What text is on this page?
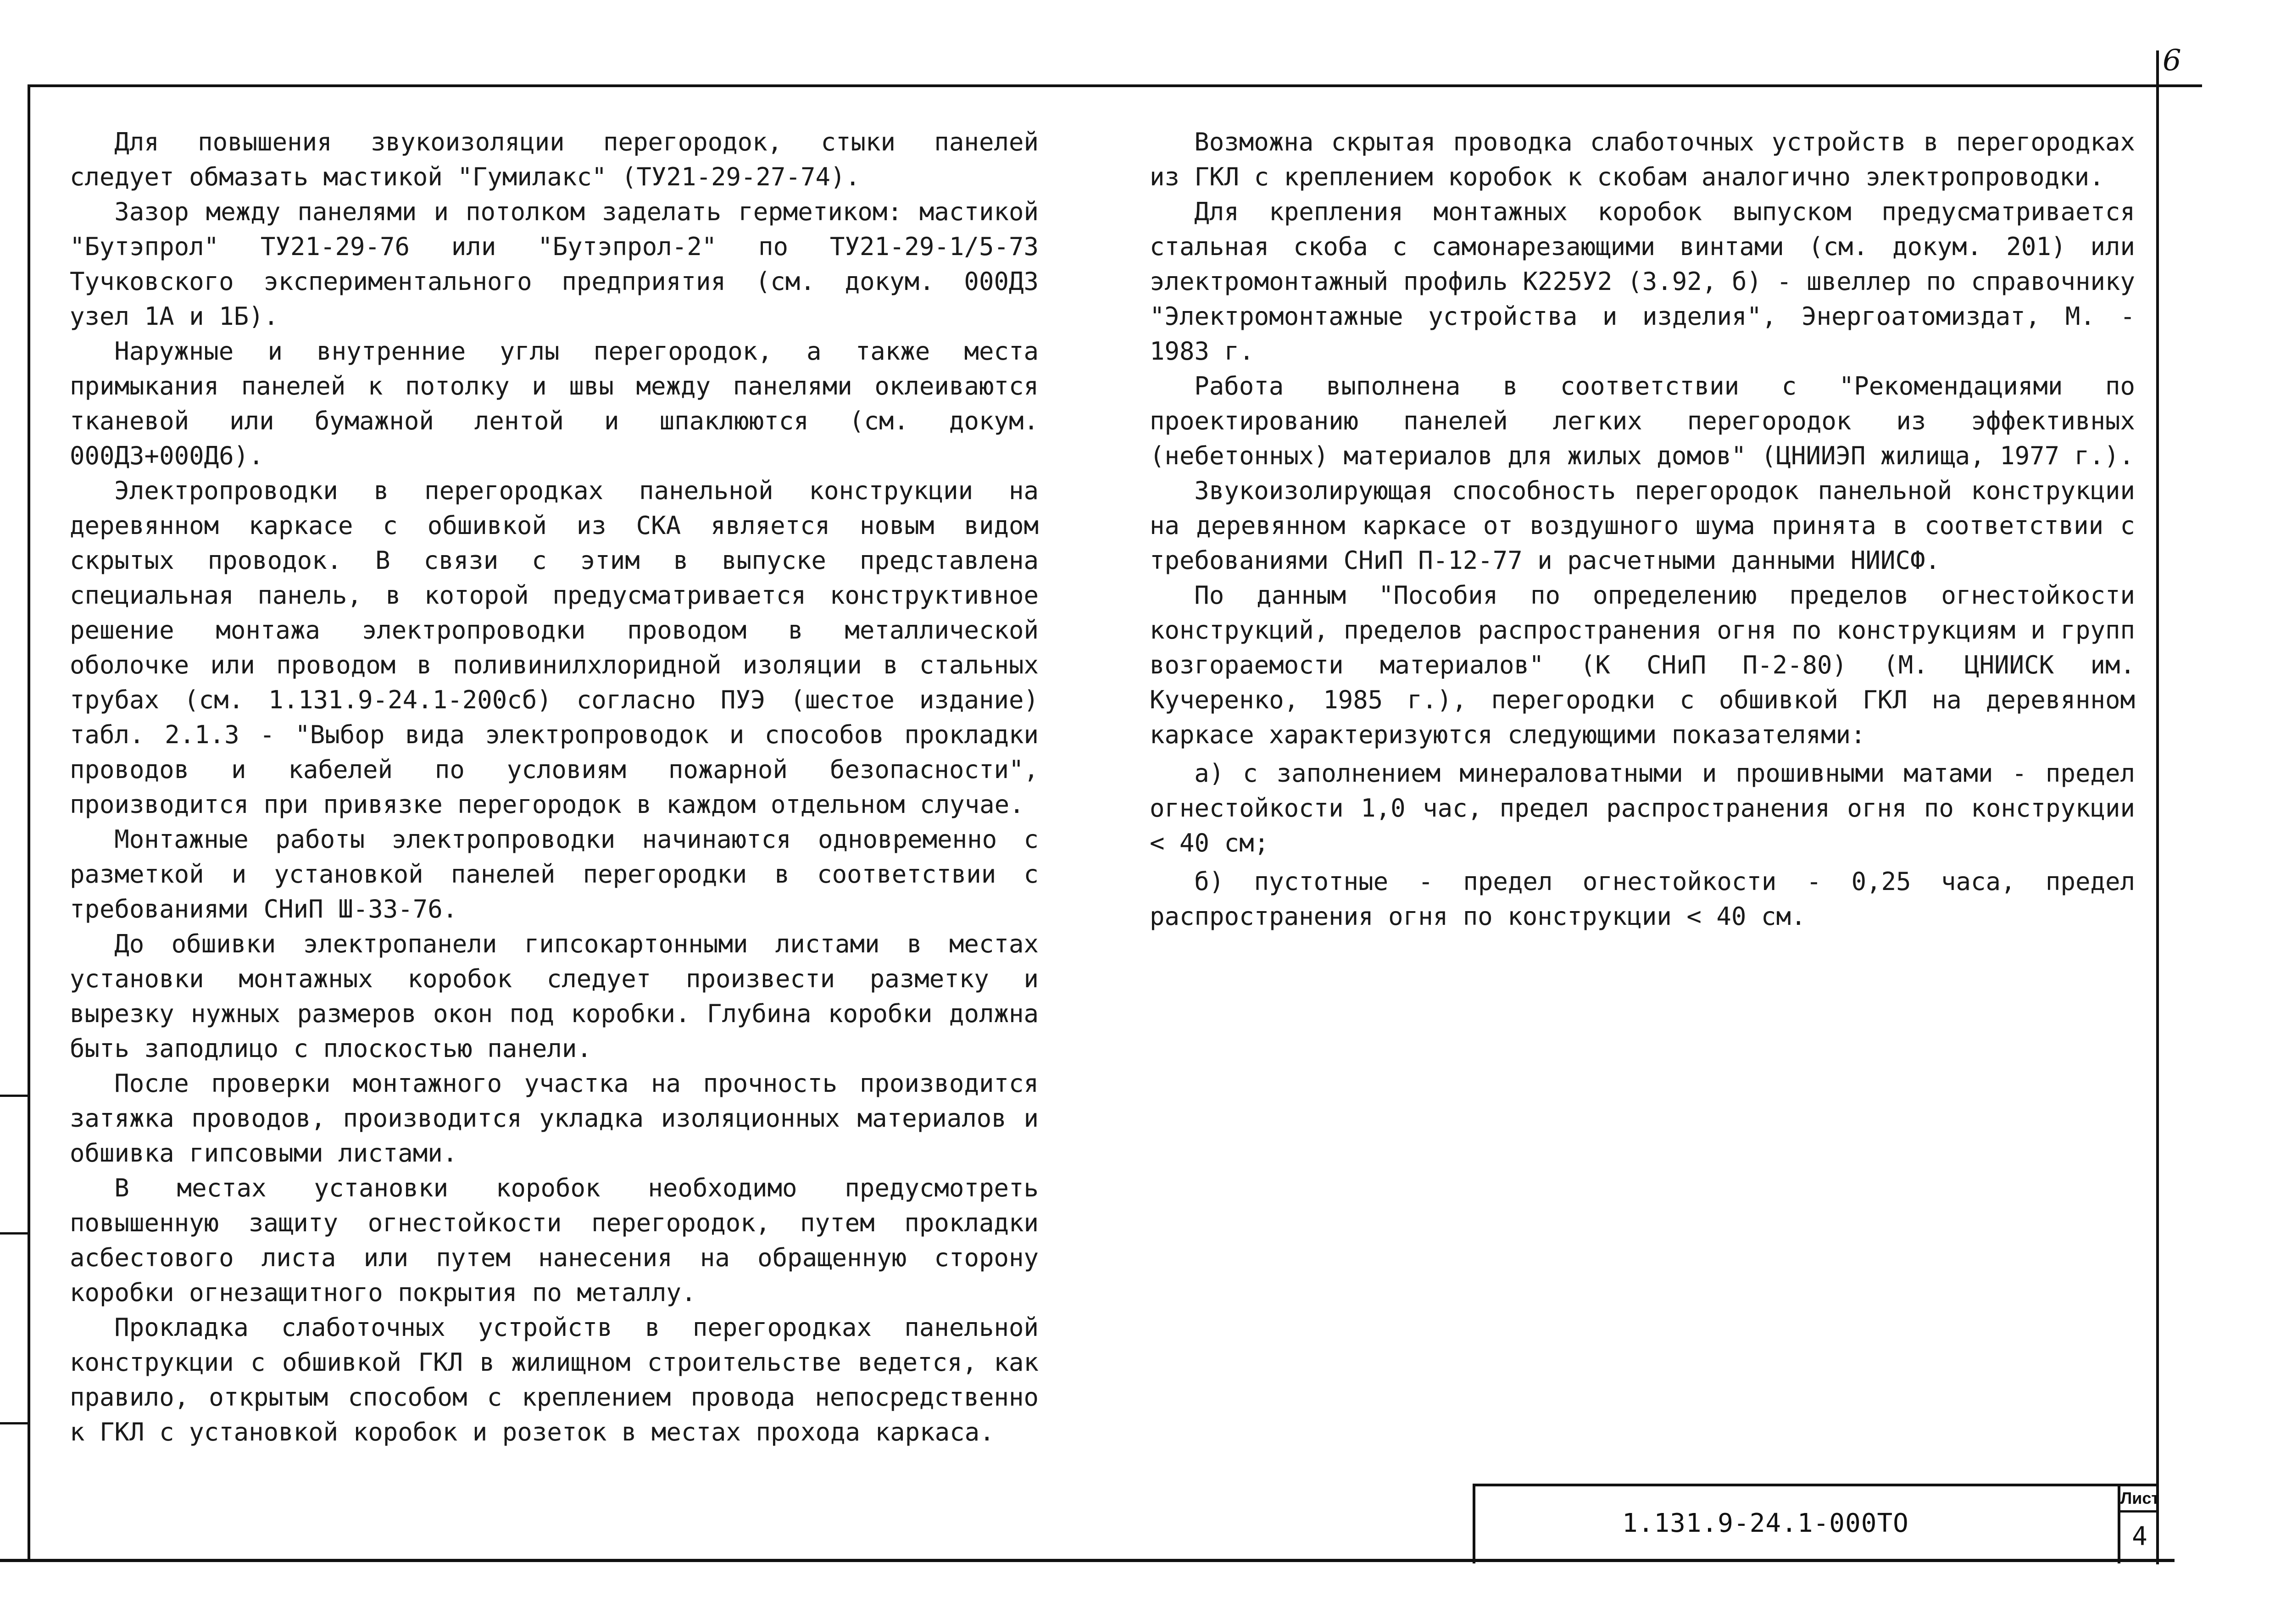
6

Для повышения звукоизоляции перегородок, стыки панелей следует обмазать мастикой "Гумилакс" (ТУ21-29-27-74).

Зазор между панелями и потолком заделать герметиком: мастикой "Бутэпрол" ТУ21-29-76 или "Бутэпрол-2" по ТУ21-29-1/5-73 Тучковского экспериментального предприятия (см. докум. 000Д3 узел 1А и 1Б).

Наружные и внутренние углы перегородок, а также места примыкания панелей к потолку и швы между панелями оклеиваются тканевой или бумажной лентой и шпаклюются (см. докум. 000Д3+000Д6).

Электропроводки в перегородках панельной конструкции на деревянном каркасе с обшивкой из СКА является новым видом скрытых проводок. В связи с этим в выпуске представлена специальная панель, в которой предусматривается конструктивное решение монтажа электропроводки проводом в металлической оболочке или проводом в поливинилхлоридной изоляции в стальных трубах (см. 1.131.9-24.1-200сб) согласно ПУЭ (шестое издание) табл. 2.1.3 - "Выбор вида электропроводок и способов прокладки проводов и кабелей по условиям пожарной безопасности", производится при привязке перегородок в каждом отдельном случае.

Монтажные работы электропроводки начинаются одновременно с разметкой и установкой панелей перегородки в соответствии с требованиями СНиП Ш-33-76.

До обшивки электропанели гипсокартонными листами в местах установки монтажных коробок следует произвести разметку и вырезку нужных размеров окон под коробки. Глубина коробки должна быть заподлицо с плоскостью панели.

После проверки монтажного участка на прочность производится затяжка проводов, производится укладка изоляционных материалов и обшивка гипсовыми листами.

В местах установки коробок необходимо предусмотреть повышенную защиту огнестойкости перегородок, путем прокладки асбестового листа или путем нанесения на обращенную сторону коробки огнезащитного покрытия по металлу.

Прокладка слаботочных устройств в перегородках панельной конструкции с обшивкой ГКЛ в жилищном строительстве ведется, как правило, открытым способом с креплением провода непосредственно к ГКЛ с установкой коробок и розеток в местах прохода каркаса.

Возможна скрытая проводка слаботочных устройств в перегородках из ГКЛ с креплением коробок к скобам аналогично электропроводки.

Для крепления монтажных коробок выпуском предусматривается стальная скоба с самонарезающими винтами (см. докум. 201) или электромонтажный профиль К225У2 (3.92, б) - швеллер по справочнику "Электромонтажные устройства и изделия", Энергоатомиздат, М. - 1983 г.

Работа выполнена в соответствии с "Рекомендациями по проектированию панелей легких перегородок из эффективных (небетонных) материалов для жилых домов" (ЦНИИЭП жилища, 1977 г.).

Звукоизолирующая способность перегородок панельной конструкции на деревянном каркасе от воздушного шума принята в соответствии с требованиями СНиП П-12-77 и расчетными данными НИИСФ.

По данным "Пособия по определению пределов огнестойкости конструкций, пределов распространения огня по конструкциям и групп возгораемости материалов" (К СНиП П-2-80) (М. ЦНИИСК им. Кучеренко, 1985 г.), перегородки с обшивкой ГКЛ на деревянном каркасе характеризуются следующими показателями:

а) с заполнением минераловатными и прошивными матами - предел огнестойкости 1,0 час, предел распространения огня по конструкции < 40 см;

б) пустотные - предел огнестойкости - 0,25 часа, предел распространения огня по конструкции < 40 см.

1.131.9-24.1-000ТО
Лист
4
